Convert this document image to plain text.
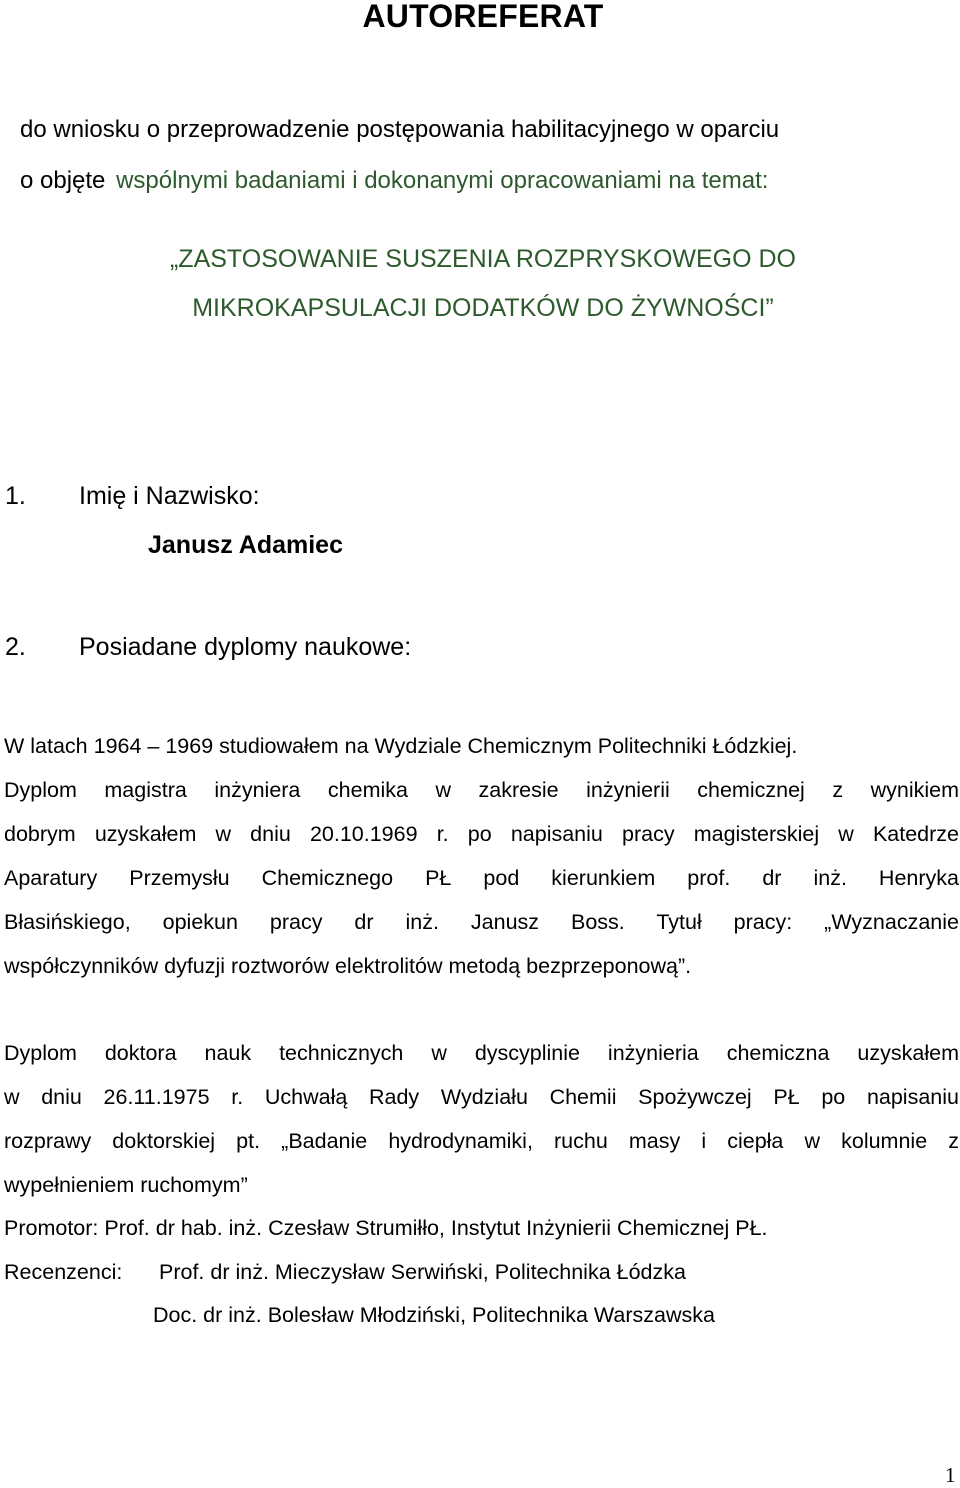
AUTOREFERAT
do wniosku o przeprowadzenie postępowania habilitacyjnego w oparciu
o objęte wspólnymi badaniami i dokonanymi opracowaniami na temat:
„ZASTOSOWANIE SUSZENIA ROZPRYSKOWEGO DO
MIKROKAPSULACJI DODATKÓW DO ŻYWNOŚCI”
1. Imię i Nazwisko:
Janusz Adamiec
2. Posiadane dyplomy naukowe:
W latach 1964 – 1969 studiowałem na Wydziale Chemicznym Politechniki Łódzkiej.
Dyplom magistra inżyniera chemika w zakresie inżynierii chemicznej z wynikiem
dobrym uzyskałem w dniu 20.10.1969 r. po napisaniu pracy magisterskiej w Katedrze
Aparatury Przemysłu Chemicznego PŁ pod kierunkiem prof. dr inż. Henryka
Błasińskiego, opiekun pracy dr inż. Janusz Boss. Tytuł pracy: „Wyznaczanie
współczynników dyfuzji roztworów elektrolitów metodą bezprzeponową”.
Dyplom doktora nauk technicznych w dyscyplinie inżynieria chemiczna uzyskałem
w dniu 26.11.1975 r. Uchwałą Rady Wydziału Chemii Spożywczej PŁ po napisaniu
rozprawy doktorskiej pt. „Badanie hydrodynamiki, ruchu masy i ciepła w kolumnie z
wypełnieniem ruchomym”
Promotor: Prof. dr hab. inż. Czesław Strumiłło, Instytut Inżynierii Chemicznej PŁ.
Recenzenci: Prof. dr inż. Mieczysław Serwiński, Politechnika Łódzka
Doc. dr inż. Bolesław Młodziński, Politechnika Warszawska
1
